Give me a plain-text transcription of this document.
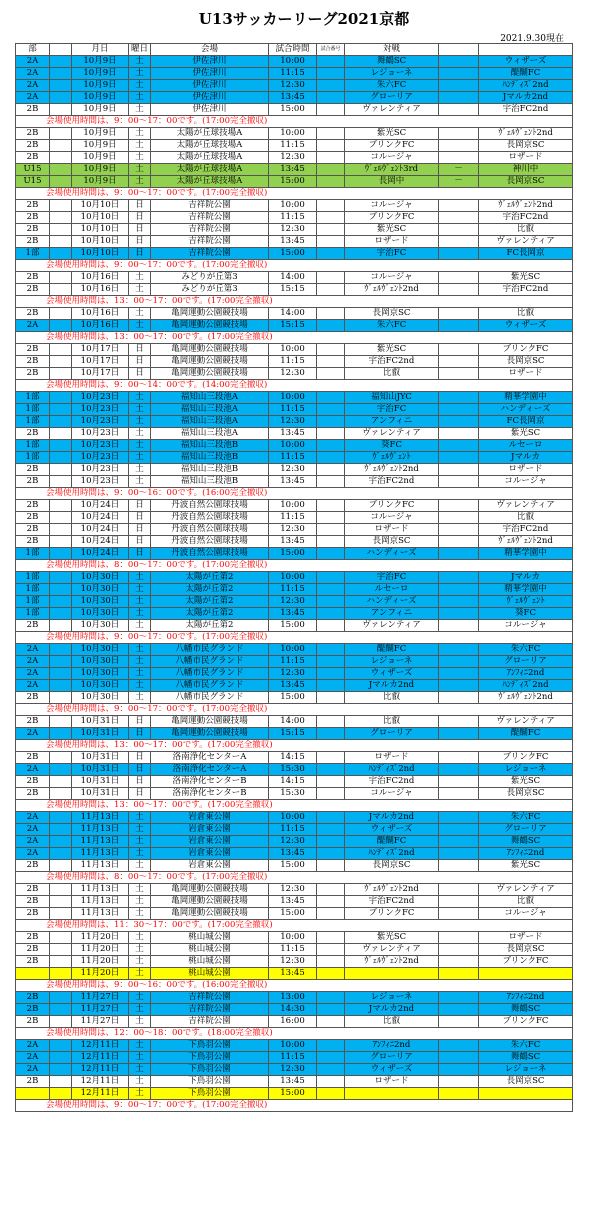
U13サッカーリーグ2021京都
2021.9.30現在
部		月日	曜日	会場	試合時間	試合番号	対戦		
2A		10月9日	土	伊佐津川	10:00		舞鶴SC		ウィザーズ
2A		10月9日	土	伊佐津川	11:15		レジョーネ		醍醐FC
2A		10月9日	土	伊佐津川	12:30		朱六FC		ﾊﾝﾃﾞｨｽﾞ2nd
2A		10月9日	土	伊佐津川	13:45		グローリア		Jマルカ2nd
2B		10月9日	土	伊佐津川	15:00		ヴァレンティア		宇治FC2nd
会場使用時間は、9：00～17：00です。(17:00完全撤収)									
2B		10月9日	土	太陽が丘球技場A	10:00		紫光SC		ｳﾞｪﾙｳﾞｪﾝﾄ2nd
2B		10月9日	土	太陽が丘球技場A	11:15		ブリンクFC		長岡京SC
2B		10月9日	土	太陽が丘球技場A	12:30		コルージャ		ロザード
U15		10月9日	土	太陽が丘球技場A	13:45		ｳﾞｪﾙｳﾞｪﾝﾄ3rd	－	神川中
U15		10月9日	土	太陽が丘球技場A	15:00		長岡中	－	長岡京SC
会場使用時間は、9：00～17：00です。(17:00完全撤収)									
2B		10月10日	日	吉祥院公園	10:00		コルージャ		ｳﾞｪﾙｳﾞｪﾝﾄ2nd
2B		10月10日	日	吉祥院公園	11:15		ブリンクFC		宇治FC2nd
2B		10月10日	日	吉祥院公園	12:30		紫光SC		比叡
2B		10月10日	日	吉祥院公園	13:45		ロザード		ヴァレンティア
1部		10月10日	日	吉祥院公園	15:00		宇治FC		FC長岡京
会場使用時間は、9：00～17：00です。(17:00完全撤収)									
2B		10月16日	土	みどりが丘第3	14:00		コルージャ		紫光SC
2B		10月16日	土	みどりが丘第3	15:15		ｳﾞｪﾙｳﾞｪﾝﾄ2nd		宇治FC2nd
会場使用時間は、13：00～17：00です。(17:00完全撤収)									
2B		10月16日	土	亀岡運動公園競技場	14:00		長岡京SC		比叡
2A		10月16日	土	亀岡運動公園競技場	15:15		朱六FC		ウィザーズ
会場使用時間は、13：00～17：00です。(17:00完全撤収)									
2B		10月17日	日	亀岡運動公園競技場	10:00		紫光SC		ブリンクFC
2B		10月17日	日	亀岡運動公園競技場	11:15		宇治FC2nd		長岡京SC
2B		10月17日	日	亀岡運動公園競技場	12:30		比叡		ロザード
会場使用時間は、9：00～14：00です。(14:00完全撤収)									
1部		10月23日	土	福知山三段池A	10:00		福知山JYC		精華学園中
1部		10月23日	土	福知山三段池A	11:15		宇治FC		ハンディーズ
1部		10月23日	土	福知山三段池A	12:30		アンフィニ		FC長岡京
2B		10月23日	土	福知山三段池A	13:45		ヴァレンティア		紫光SC
1部		10月23日	土	福知山三段池B	10:00		葵FC		ルセーロ
1部		10月23日	土	福知山三段池B	11:15		ｳﾞｪﾙｳﾞｪﾝﾄ		Jマルカ
2B		10月23日	土	福知山三段池B	12:30		ｳﾞｪﾙｳﾞｪﾝﾄ2nd		ロザード
2B		10月23日	土	福知山三段池B	13:45		宇治FC2nd		コルージャ
会場使用時間は、9：00～16：00です。(16:00完全撤収)									
2B		10月24日	日	丹波自然公園球技場	10:00		ブリンクFC		ヴァレンティア
2B		10月24日	日	丹波自然公園球技場	11:15		コルージャ		比叡
2B		10月24日	日	丹波自然公園球技場	12:30		ロザード		宇治FC2nd
2B		10月24日	日	丹波自然公園球技場	13:45		長岡京SC		ｳﾞｪﾙｳﾞｪﾝﾄ2nd
1部		10月24日	日	丹波自然公園球技場	15:00		ハンディーズ		精華学園中
会場使用時間は、8：00～17：00です。(17:00完全撤収)									
1部		10月30日	土	太陽が丘第2	10:00		宇治FC		Jマルカ
1部		10月30日	土	太陽が丘第2	11:15		ルセーロ		精華学園中
1部		10月30日	土	太陽が丘第2	12:30		ハンディーズ		ｳﾞｪﾙｳﾞｪﾝﾄ
1部		10月30日	土	太陽が丘第2	13:45		アンフィニ		葵FC
2B		10月30日	土	太陽が丘第2	15:00		ヴァレンティア		コルージャ
会場使用時間は、9：00～17：00です。(17:00完全撤収)									
2A		10月30日	土	八幡市民グランド	10:00		醍醐FC		朱六FC
2A		10月30日	土	八幡市民グランド	11:15		レジョーネ		グローリア
2A		10月30日	土	八幡市民グランド	12:30		ウィザーズ		ｱﾝﾌｨﾆ2nd
2A		10月30日	土	八幡市民グランド	13:45		Jマルカ2nd		ﾊﾝﾃﾞｨｽﾞ2nd
2B		10月30日	土	八幡市民グランド	15:00		比叡		ｳﾞｪﾙｳﾞｪﾝﾄ2nd
会場使用時間は、9：00～17：00です。(17:00完全撤収)									
2B		10月31日	日	亀岡運動公園競技場	14:00		比叡		ヴァレンティア
2A		10月31日	日	亀岡運動公園競技場	15:15		グローリア		醍醐FC
会場使用時間は、13：00～17：00です。(17:00完全撤収)									
2B		10月31日	日	洛南浄化センターA	14:15		ロザード		ブリンクFC
2A		10月31日	日	洛南浄化センターA	15:30		ﾊﾝﾃﾞｨｽﾞ2nd		レジョーネ
2B		10月31日	日	洛南浄化センターB	14:15		宇治FC2nd		紫光SC
2B		10月31日	日	洛南浄化センターB	15:30		コルージャ		長岡京SC
会場使用時間は、13：00～17：00です。(17:00完全撤収)									
2A		11月13日	土	岩倉東公園	10:00		Jマルカ2nd		朱六FC
2A		11月13日	土	岩倉東公園	11:15		ウィザーズ		グローリア
2A		11月13日	土	岩倉東公園	12:30		醍醐FC		舞鶴SC
2A		11月13日	土	岩倉東公園	13:45		ﾊﾝﾃﾞｨｽﾞ2nd		ｱﾝﾌｨﾆ2nd
2B		11月13日	土	岩倉東公園	15:00		長岡京SC		紫光SC
会場使用時間は、8：00～17：00です。(17:00完全撤収)									
2B		11月13日	土	亀岡運動公園競技場	12:30		ｳﾞｪﾙｳﾞｪﾝﾄ2nd		ヴァレンティア
2B		11月13日	土	亀岡運動公園競技場	13:45		宇治FC2nd		比叡
2B		11月13日	土	亀岡運動公園競技場	15:00		ブリンクFC		コルージャ
会場使用時間は、11：30～17：00です。(17:00完全撤収)									
2B		11月20日	土	桃山城公園	10:00		紫光SC		ロザード
2B		11月20日	土	桃山城公園	11:15		ヴァレンティア		長岡京SC
2B		11月20日	土	桃山城公園	12:30		ｳﾞｪﾙｳﾞｪﾝﾄ2nd		ブリンクFC
		11月20日	土	桃山城公園	13:45				
会場使用時間は、9：00～16：00です。(16:00完全撤収)									
2B		11月27日	土	吉祥院公園	13:00		レジョーネ		ｱﾝﾌｨﾆ2nd
2B		11月27日	土	吉祥院公園	14:30		Jマルカ2nd		舞鶴SC
2B		11月27日	土	吉祥院公園	16:00		比叡		ブリンクFC
会場使用時間は、12：00～18：00です。(18:00完全撤収)									
2A		12月11日	土	下鳥羽公園	10:00		ｱﾝﾌｨﾆ2nd		朱六FC
2A		12月11日	土	下鳥羽公園	11:15		グローリア		舞鶴SC
2A		12月11日	土	下鳥羽公園	12:30		ウィザーズ		レジョーネ
2B		12月11日	土	下鳥羽公園	13:45		ロザード		長岡京SC
		12月11日	土	下鳥羽公園	15:00				
会場使用時間は、9：00～17：00です。(17:00完全撤収)									
